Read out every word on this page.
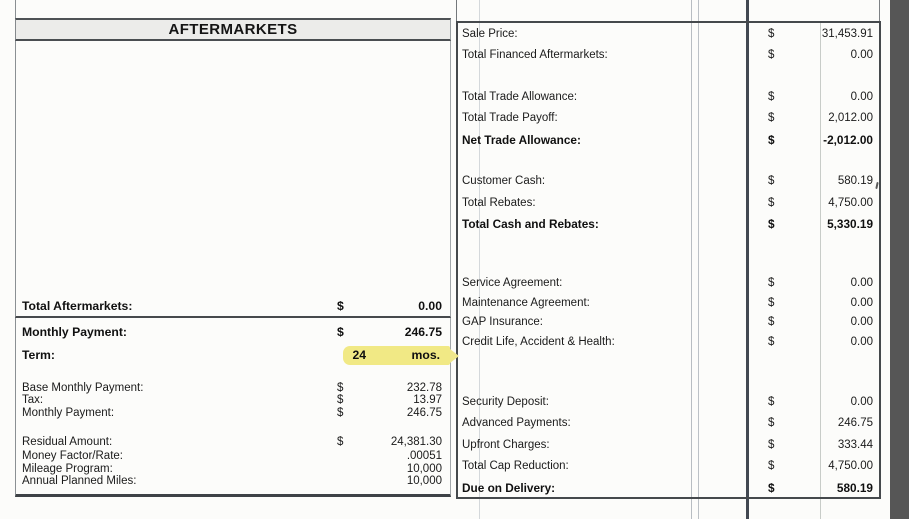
AFTERMARKETS
Total Aftermarkets:	$	0.00
Monthly Payment:	$	246.75
Term:	24	mos.
Base Monthly Payment:	$	232.78
Tax:	$	13.97
Monthly Payment:	$	246.75
Residual Amount:	$	24,381.30
Money Factor/Rate:	.00051
Mileage Program:	10,000
Annual Planned Miles:	10,000
Sale Price:	$	31,453.91
Total Financed Aftermarkets:	$	0.00
Total Trade Allowance:	$	0.00
Total Trade Payoff:	$	2,012.00
Net Trade Allowance:	$	-2,012.00
Customer Cash:	$	580.19
Total Rebates:	$	4,750.00
Total Cash and Rebates:	$	5,330.19
Service Agreement:	$	0.00
Maintenance Agreement:	$	0.00
GAP Insurance:	$	0.00
Credit Life, Accident & Health:	$	0.00
Security Deposit:	$	0.00
Advanced Payments:	$	246.75
Upfront Charges:	$	333.44
Total Cap Reduction:	$	4,750.00
Due on Delivery:	$	580.19
